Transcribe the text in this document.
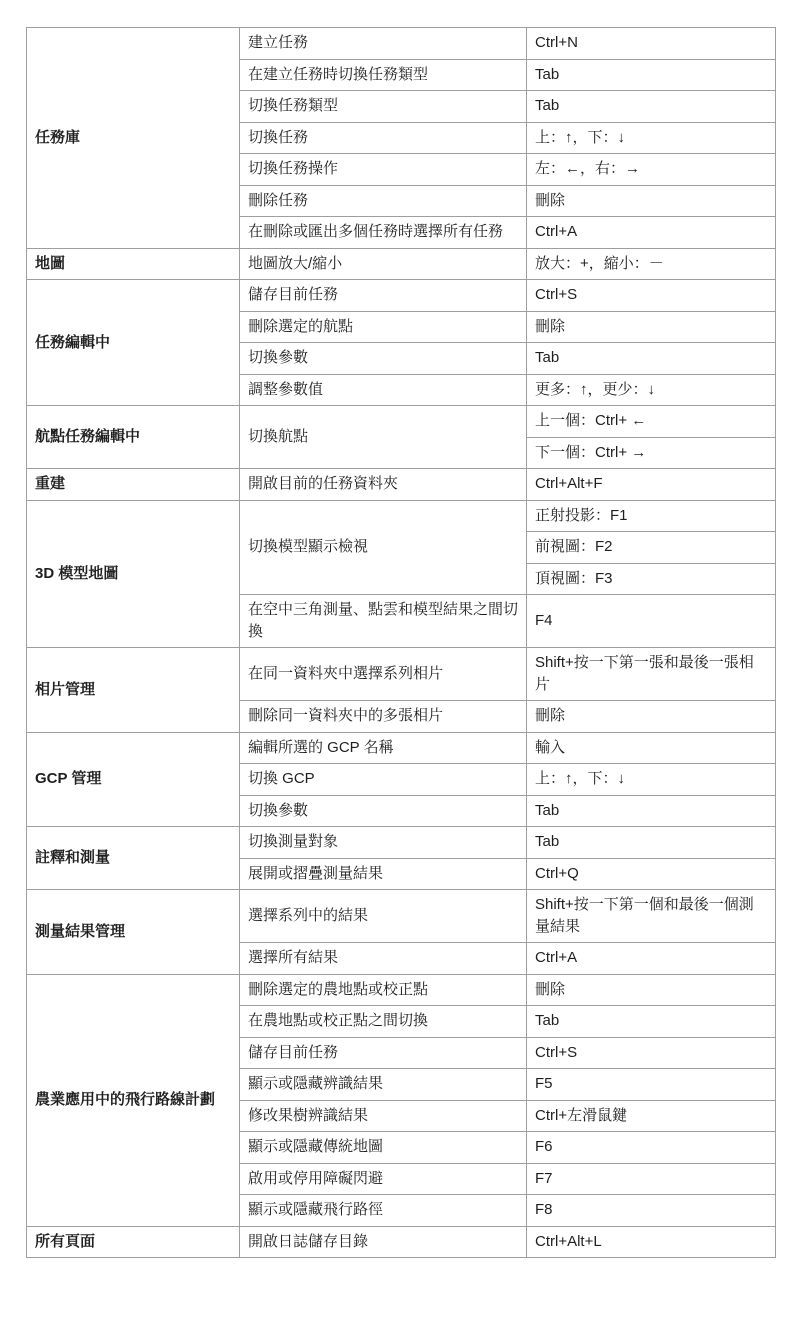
任務庫	建立任務	Ctrl+N
	在建立任務時切換任務類型	Tab
	切換任務類型	Tab
	切換任務	上：↑，下：↓
	切換任務操作	左：←，右：→
	刪除任務	刪除
	在刪除或匯出多個任務時選擇所有任務	Ctrl+A
地圖	地圖放大/縮小	放大：+，縮小：－
任務編輯中	儲存目前任務	Ctrl+S
	刪除選定的航點	刪除
	切換參數	Tab
	調整參數值	更多：↑，更少：↓
航點任務編輯中	切換航點	上一個：Ctrl+ ←
		下一個：Ctrl+ →
重建	開啟目前的任務資料夾	Ctrl+Alt+F
3D 模型地圖	切換模型顯示檢視	正射投影：F1
		前視圖：F2
		頂視圖：F3
	在空中三角測量、點雲和模型結果之間切換	F4
相片管理	在同一資料夾中選擇系列相片	Shift+按一下第一張和最後一張相片
	刪除同一資料夾中的多張相片	刪除
GCP 管理	編輯所選的 GCP 名稱	輸入
	切換 GCP	上：↑，下：↓
	切換參數	Tab
註釋和測量	切換測量對象	Tab
	展開或摺疊測量結果	Ctrl+Q
測量結果管理	選擇系列中的結果	Shift+按一下第一個和最後一個測量結果
	選擇所有結果	Ctrl+A
農業應用中的飛行路線計劃	刪除選定的農地點或校正點	刪除
	在農地點或校正點之間切換	Tab
	儲存目前任務	Ctrl+S
	顯示或隱藏辨識結果	F5
	修改果樹辨識結果	Ctrl+左滑鼠鍵
	顯示或隱藏傳統地圖	F6
	啟用或停用障礙閃避	F7
	顯示或隱藏飛行路徑	F8
所有頁面	開啟日誌儲存目錄	Ctrl+Alt+L
